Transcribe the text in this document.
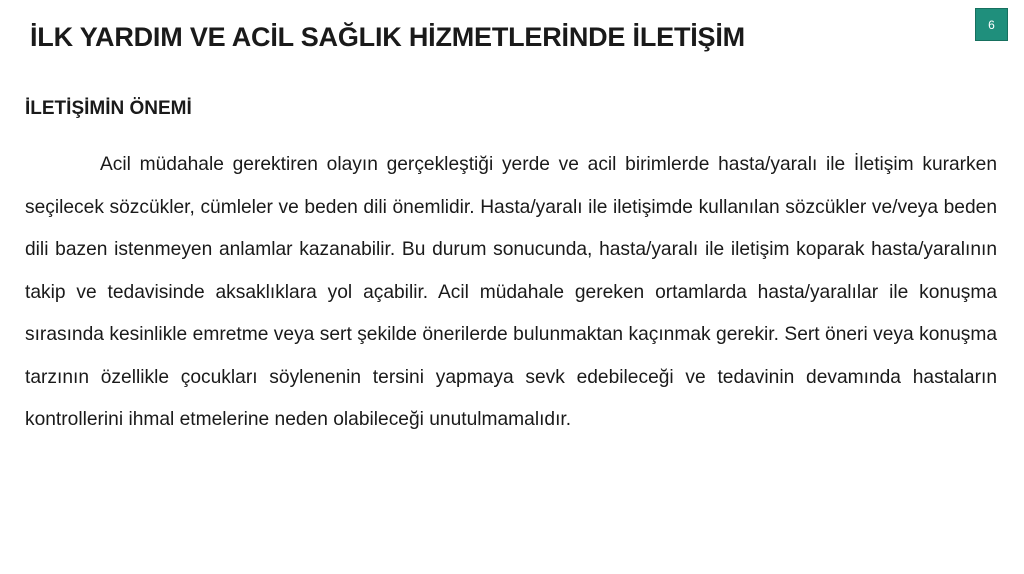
İLK YARDIM VE ACİL SAĞLIK HİZMETLERİNDE İLETİŞİM	6
İLETİŞİMİN ÖNEMİ

Acil müdahale gerektiren olayın gerçekleştiği yerde ve acil birimlerde hasta/yaralı ile İletişim kurarken seçilecek sözcükler, cümleler ve beden dili önemlidir. Hasta/yaralı ile iletişimde kullanılan sözcükler ve/veya beden dili bazen istenmeyen anlamlar kazanabilir. Bu durum sonucunda, hasta/yaralı ile iletişim koparak hasta/yaralının takip ve tedavisinde aksaklıklara yol açabilir. Acil müdahale gereken ortamlarda hasta/yaralılar ile konuşma sırasında kesinlikle emretme veya sert şekilde önerilerde bulunmaktan kaçınmak gerekir. Sert öneri veya konuşma tarzının özellikle çocukları söylenenin tersini yapmaya sevk edebileceği ve tedavinin devamında hastaların kontrollerini ihmal etmelerine neden olabileceği unutulmamalıdır.
